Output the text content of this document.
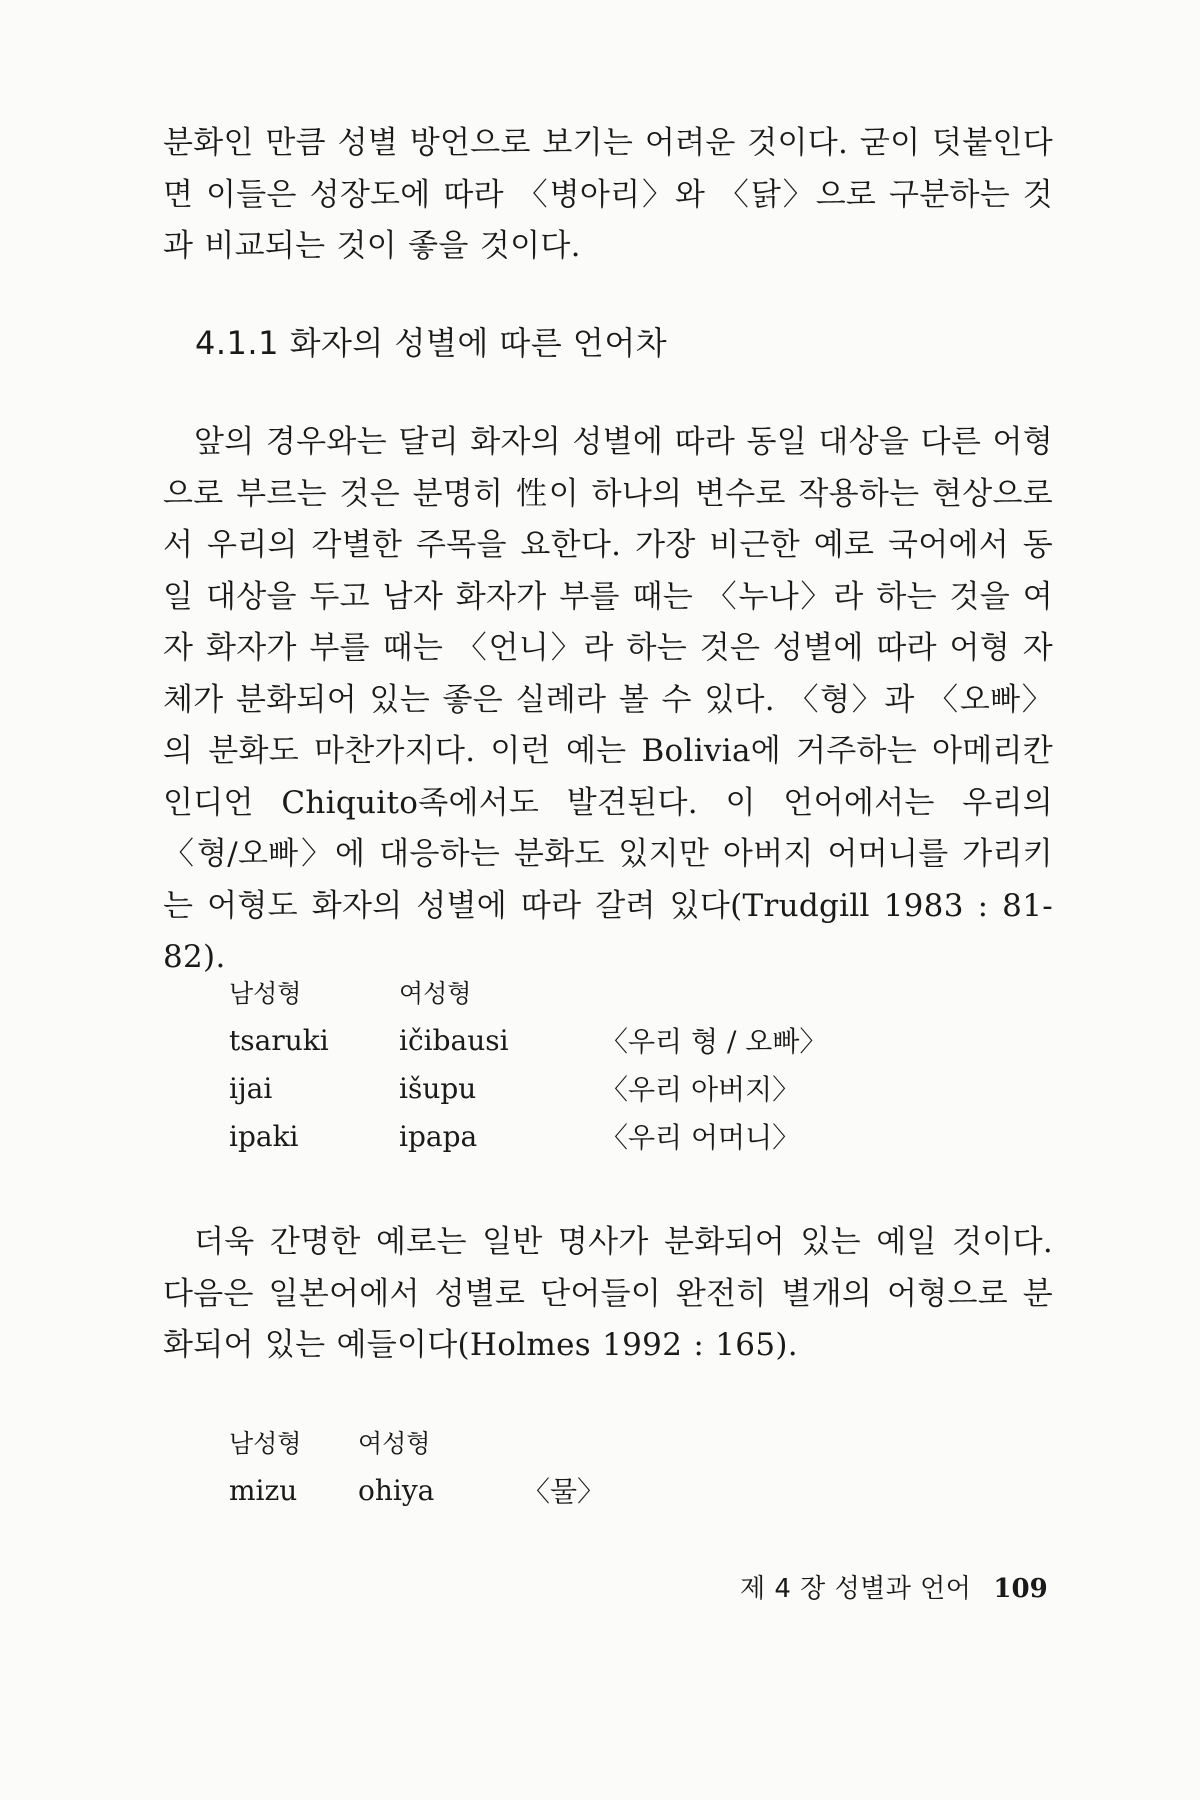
분화인 만큼 성별 방언으로 보기는 어려운 것이다. 굳이 덧붙인다면 이들은 성장도에 따라 〈병아리〉와 〈닭〉으로 구분하는 것과 비교되는 것이 좋을 것이다.

4.1.1 화자의 성별에 따른 언어차

앞의 경우와는 달리 화자의 성별에 따라 동일 대상을 다른 어형으로 부르는 것은 분명히 性이 하나의 변수로 작용하는 현상으로서 우리의 각별한 주목을 요한다. 가장 비근한 예로 국어에서 동일 대상을 두고 남자 화자가 부를 때는 〈누나〉라 하는 것을 여자 화자가 부를 때는 〈언니〉라 하는 것은 성별에 따라 어형 자체가 분화되어 있는 좋은 실례라 볼 수 있다. 〈형〉과 〈오빠〉의 분화도 마찬가지다. 이런 예는 Bolivia에 거주하는 아메리칸 인디언 Chiquito족에서도 발견된다. 이 언어에서는 우리의 〈형/오빠〉에 대응하는 분화도 있지만 아버지 어머니를 가리키는 어형도 화자의 성별에 따라 갈려 있다(Trudgill 1983 : 81-82).

남성형	여성형	
tsaruki	ičibausi	〈우리 형 / 오빠〉
ijai	išupu	〈우리 아버지〉
ipaki	ipapa	〈우리 어머니〉

더욱 간명한 예로는 일반 명사가 분화되어 있는 예일 것이다. 다음은 일본어에서 성별로 단어들이 완전히 별개의 어형으로 분화되어 있는 예들이다(Holmes 1992 : 165).

남성형	여성형	
mizu	ohiya	〈물〉
제 4 장 성별과 언어 109
